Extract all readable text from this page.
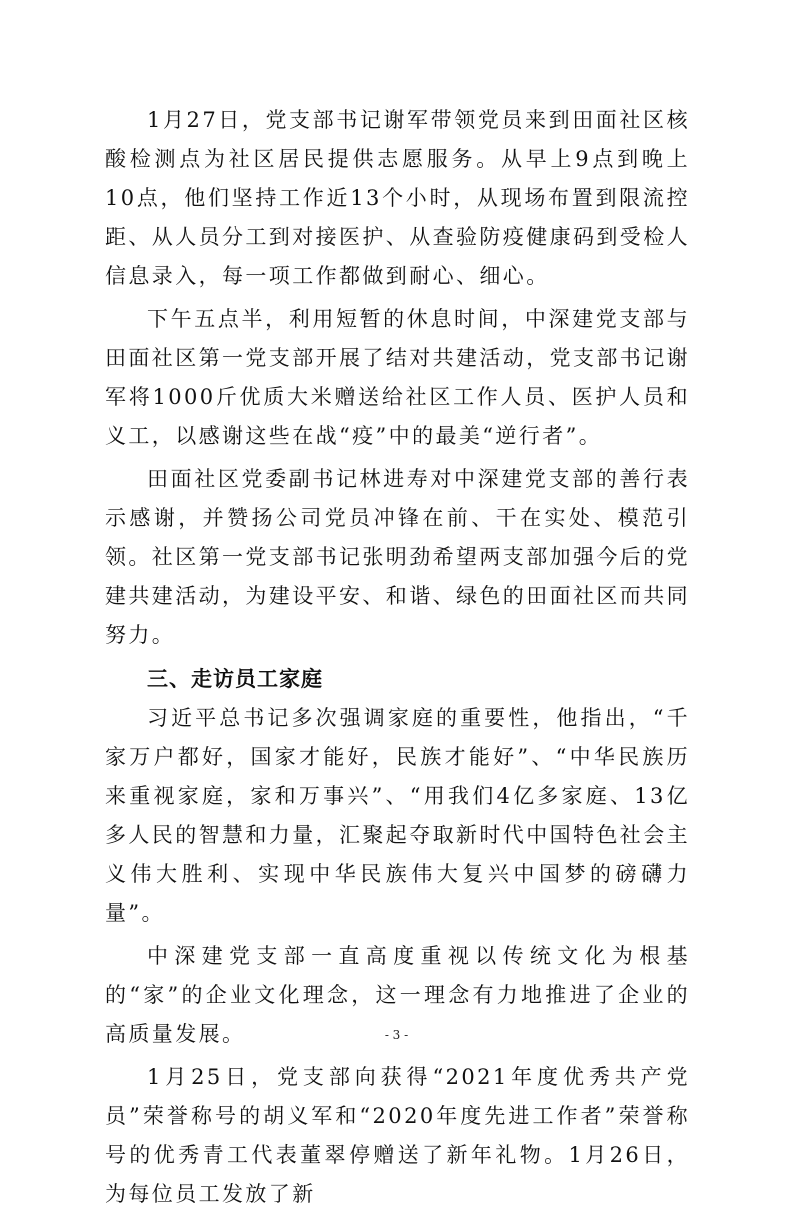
1月27日，党支部书记谢军带领党员来到田面社区核酸检测点为社区居民提供志愿服务。从早上9点到晚上10点，他们坚持工作近13个小时，从现场布置到限流控距、从人员分工到对接医护、从查验防疫健康码到受检人信息录入，每一项工作都做到耐心、细心。

下午五点半，利用短暂的休息时间，中深建党支部与田面社区第一党支部开展了结对共建活动，党支部书记谢军将1000斤优质大米赠送给社区工作人员、医护人员和义工，以感谢这些在战“疫”中的最美“逆行者”。

田面社区党委副书记林进寿对中深建党支部的善行表示感谢，并赞扬公司党员冲锋在前、干在实处、模范引领。社区第一党支部书记张明劲希望两支部加强今后的党建共建活动，为建设平安、和谐、绿色的田面社区而共同努力。

三、走访员工家庭

习近平总书记多次强调家庭的重要性，他指出，“千家万户都好，国家才能好，民族才能好”、“中华民族历来重视家庭，家和万事兴”、“用我们4亿多家庭、13亿多人民的智慧和力量，汇聚起夺取新时代中国特色社会主义伟大胜利、实现中华民族伟大复兴中国梦的磅礴力量”。

中深建党支部一直高度重视以传统文化为根基的“家”的企业文化理念，这一理念有力地推进了企业的高质量发展。

1月25日，党支部向获得“2021年度优秀共产党员”荣誉称号的胡义军和“2020年度先进工作者”荣誉称号的优秀青工代表董翠停赠送了新年礼物。1月26日，为每位员工发放了新

- 3 -
